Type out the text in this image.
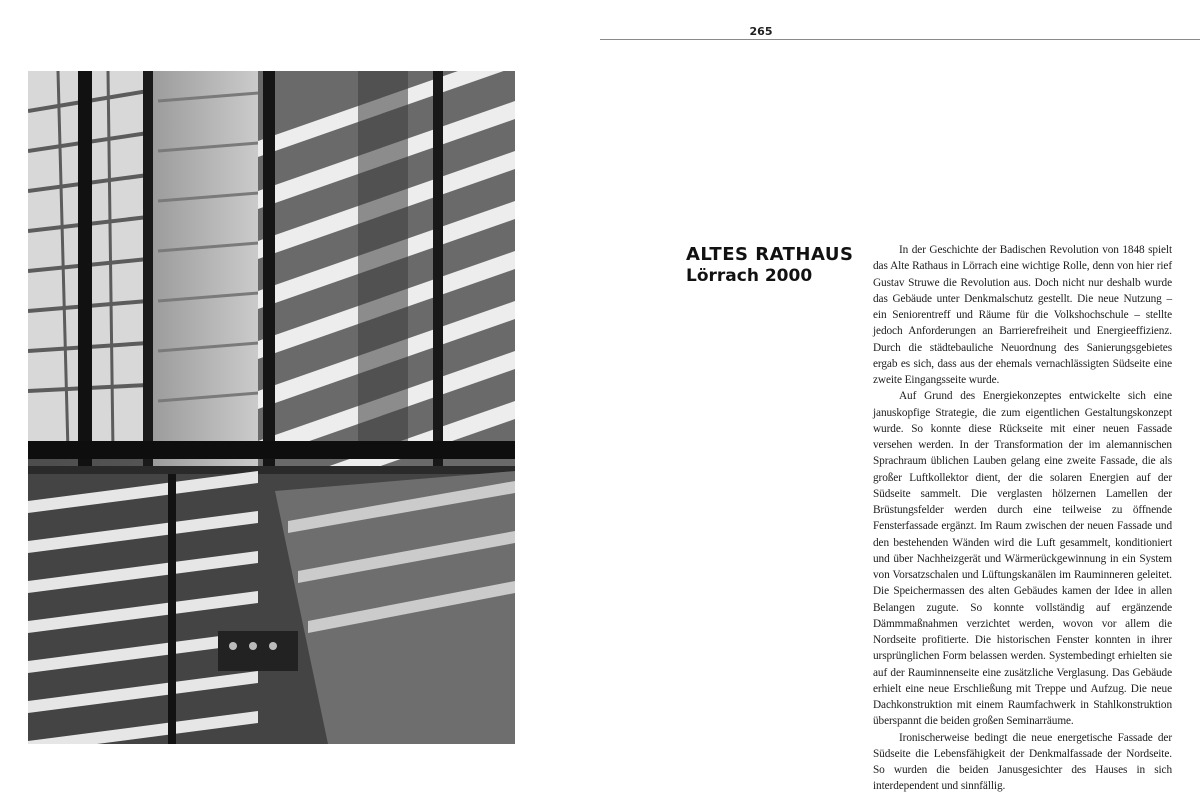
265
ALTES RATHAUS
Lörrach 2000

In der Geschichte der Badischen Revolution von 1848 spielt das Alte Rathaus in Lörrach eine wichtige Rolle, denn von hier rief Gustav Struwe die Revolution aus. Doch nicht nur deshalb wurde das Gebäude unter Denkmalschutz gestellt. Die neue Nutzung – ein Seniorentreff und Räume für die Volkshochschule – stellte jedoch Anforderungen an Barrierefreiheit und Energieeffizienz. Durch die städtebauliche Neuordnung des Sanierungsgebietes ergab es sich, dass aus der ehemals vernachlässigten Südseite eine zweite Eingangsseite wurde.

Auf Grund des Energiekonzeptes entwickelte sich eine januskopfige Strategie, die zum eigentlichen Gestaltungskonzept wurde. So konnte diese Rückseite mit einer neuen Fassade versehen werden. In der Transformation der im alemannischen Sprachraum üblichen Lauben gelang eine zweite Fassade, die als großer Luftkollektor dient, der die solaren Energien auf der Südseite sammelt. Die verglasten hölzernen Lamellen der Brüstungsfelder werden durch eine teilweise zu öffnende Fensterfassade ergänzt. Im Raum zwischen der neuen Fassade und den bestehenden Wänden wird die Luft gesammelt, konditioniert und über Nachheizgerät und Wärmerückgewinnung in ein System von Vorsatzschalen und Lüftungskanälen im Rauminneren geleitet. Die Speichermassen des alten Gebäudes kamen der Idee in allen Belangen zugute. So konnte vollständig auf ergänzende Dämmmaßnahmen verzichtet werden, wovon vor allem die Nordseite profitierte. Die historischen Fenster konnten in ihrer ursprünglichen Form belassen werden. Systembedingt erhielten sie auf der Rauminnenseite eine zusätzliche Verglasung. Das Gebäude erhielt eine neue Erschließung mit Treppe und Aufzug. Die neue Dachkonstruktion mit einem Raumfachwerk in Stahlkonstruktion überspannt die beiden großen Seminarräume.

Ironischerweise bedingt die neue energetische Fassade der Südseite die Lebensfähigkeit der Denkmalfassade der Nordseite. So wurden die beiden Janusgesichter des Hauses in sich interdependent und sinnfällig.
